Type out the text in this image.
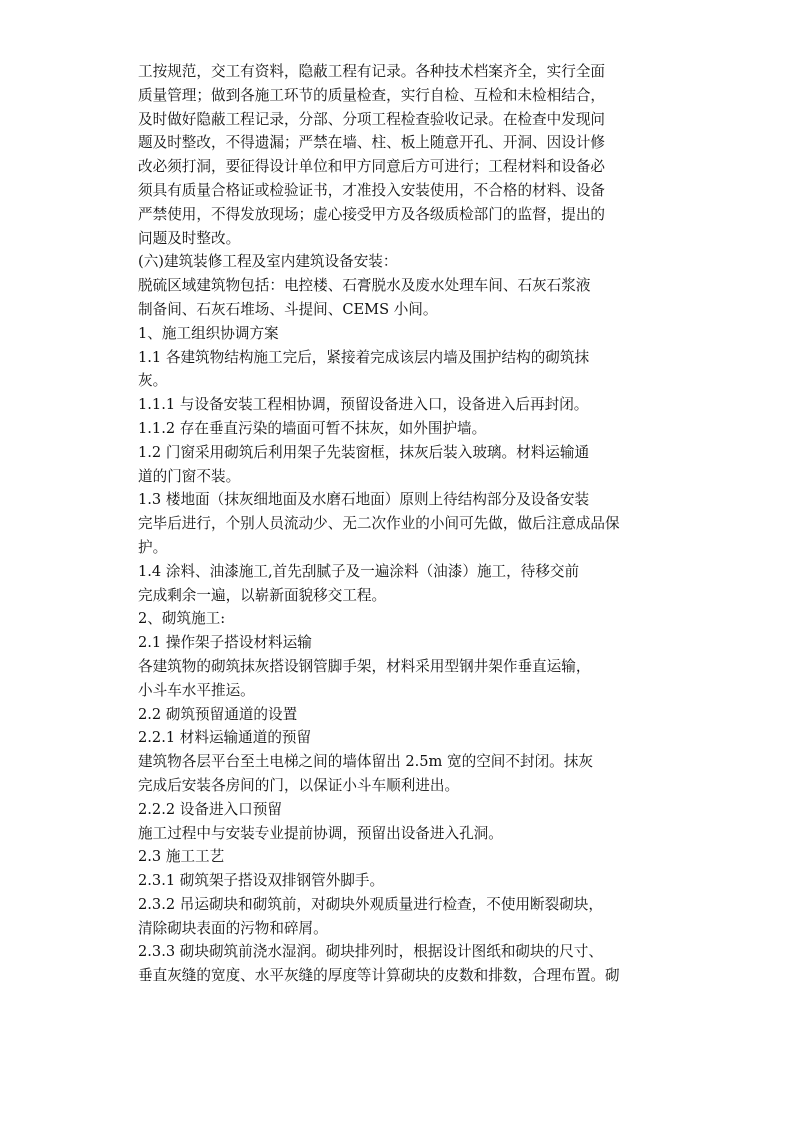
工按规范，交工有资料，隐蔽工程有记录。各种技术档案齐全，实行全面
质量管理；做到各施工环节的质量检查，实行自检、互检和未检相结合，
及时做好隐蔽工程记录，分部、分项工程检查验收记录。在检查中发现问
题及时整改，不得遗漏；严禁在墙、柱、板上随意开孔、开洞、因设计修
改必须打洞，要征得设计单位和甲方同意后方可进行；工程材料和设备必
须具有质量合格证或检验证书，才准投入安装使用，不合格的材料、设备
严禁使用，不得发放现场；虚心接受甲方及各级质检部门的监督，提出的
问题及时整改。
(六)建筑装修工程及室内建筑设备安装：
脱硫区域建筑物包括：电控楼、石膏脱水及废水处理车间、石灰石浆液
制备间、石灰石堆场、斗提间、CEMS 小间。
1、施工组织协调方案
1.1 各建筑物结构施工完后，紧接着完成该层内墙及围护结构的砌筑抹
灰。
1.1.1 与设备安装工程相协调，预留设备进入口，设备进入后再封闭。
1.1.2 存在垂直污染的墙面可暂不抹灰，如外围护墙。
1.2 门窗采用砌筑后利用架子先装窗框，抹灰后装入玻璃。材料运输通
道的门窗不装。
1.3 楼地面（抹灰细地面及水磨石地面）原则上待结构部分及设备安装
完毕后进行，个别人员流动少、无二次作业的小间可先做，做后注意成品保
护。
1.4 涂料、油漆施工,首先刮腻子及一遍涂料（油漆）施工，待移交前
完成剩余一遍，以崭新面貌移交工程。
2、砌筑施工:
2.1 操作架子搭设材料运输
各建筑物的砌筑抹灰搭设钢管脚手架，材料采用型钢井架作垂直运输，
小斗车水平推运。
2.2 砌筑预留通道的设置
2.2.1 材料运输通道的预留
建筑物各层平台至土电梯之间的墙体留出 2.5m 宽的空间不封闭。抹灰
完成后安装各房间的门，以保证小斗车顺利进出。
2.2.2 设备进入口预留
施工过程中与安装专业提前协调，预留出设备进入孔洞。
2.3 施工工艺
2.3.1 砌筑架子搭设双排钢管外脚手。
2.3.2 吊运砌块和砌筑前，对砌块外观质量进行检查，不使用断裂砌块，
清除砌块表面的污物和碎屑。
2.3.3 砌块砌筑前浇水湿润。砌块排列时，根据设计图纸和砌块的尺寸、
垂直灰缝的宽度、水平灰缝的厚度等计算砌块的皮数和排数，合理布置。砌
